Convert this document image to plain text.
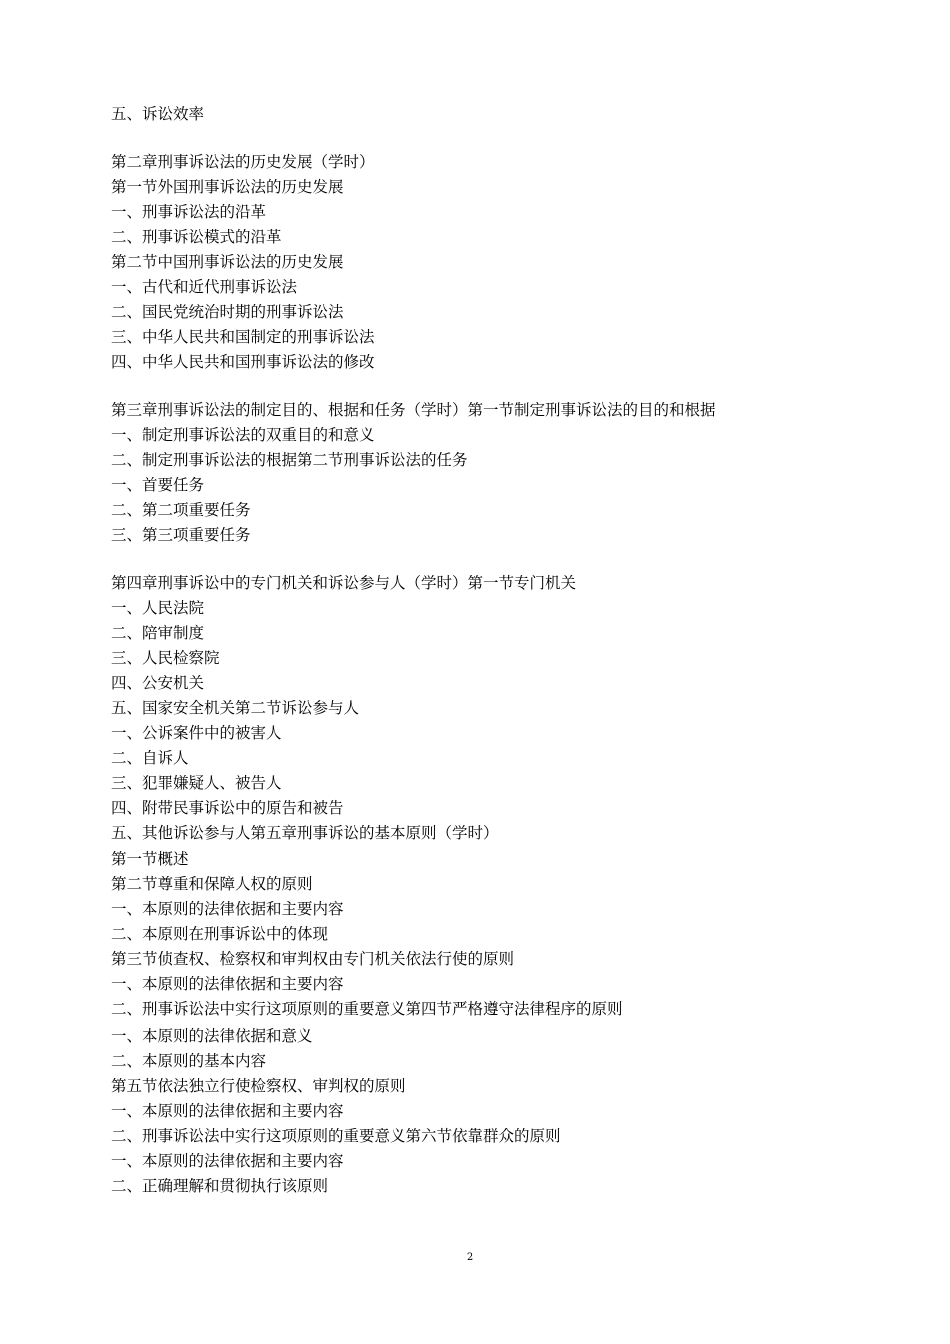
五、诉讼效率
第二章刑事诉讼法的历史发展（学时）
第一节外国刑事诉讼法的历史发展
一、刑事诉讼法的沿革
二、刑事诉讼模式的沿革
第二节中国刑事诉讼法的历史发展
一、古代和近代刑事诉讼法
二、国民党统治时期的刑事诉讼法
三、中华人民共和国制定的刑事诉讼法
四、中华人民共和国刑事诉讼法的修改
第三章刑事诉讼法的制定目的、根据和任务（学时）第一节制定刑事诉讼法的目的和根据
一、制定刑事诉讼法的双重目的和意义
二、制定刑事诉讼法的根据第二节刑事诉讼法的任务
一、首要任务
二、第二项重要任务
三、第三项重要任务
第四章刑事诉讼中的专门机关和诉讼参与人（学时）第一节专门机关
一、人民法院
二、陪审制度
三、人民检察院
四、公安机关
五、国家安全机关第二节诉讼参与人
一、公诉案件中的被害人
二、自诉人
三、犯罪嫌疑人、被告人
四、附带民事诉讼中的原告和被告
五、其他诉讼参与人第五章刑事诉讼的基本原则（学时）
第一节概述
第二节尊重和保障人权的原则
一、本原则的法律依据和主要内容
二、本原则在刑事诉讼中的体现
第三节侦查权、检察权和审判权由专门机关依法行使的原则
一、本原则的法律依据和主要内容
二、刑事诉讼法中实行这项原则的重要意义第四节严格遵守法律程序的原则
一、本原则的法律依据和意义
二、本原则的基本内容
第五节依法独立行使检察权、审判权的原则
一、本原则的法律依据和主要内容
二、刑事诉讼法中实行这项原则的重要意义第六节依靠群众的原则
一、本原则的法律依据和主要内容
二、正确理解和贯彻执行该原则
2
